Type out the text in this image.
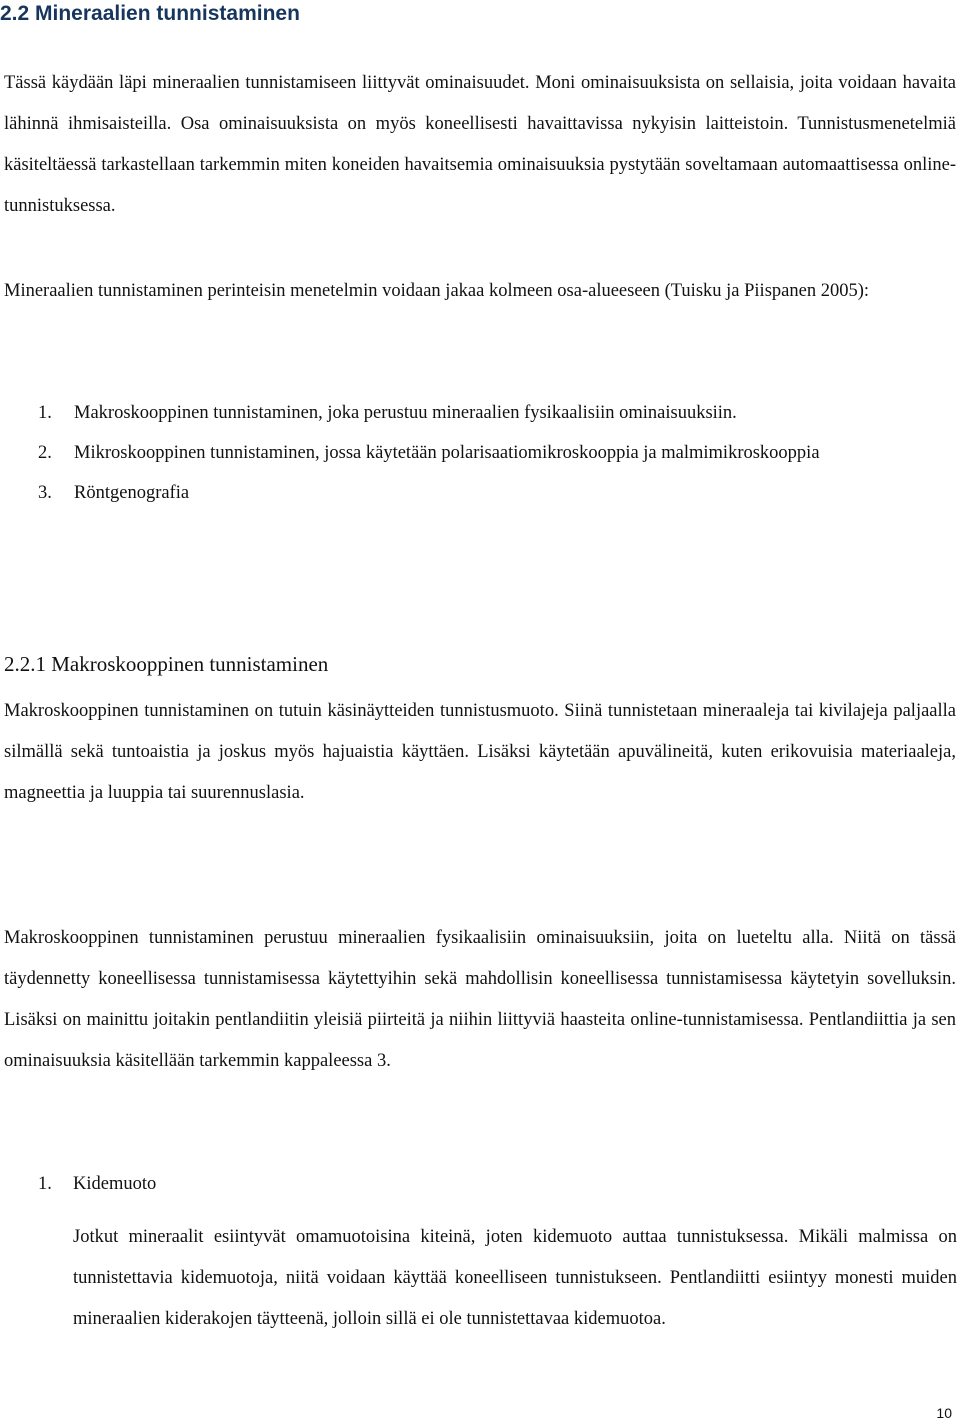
2.2 Mineraalien tunnistaminen

Tässä käydään läpi mineraalien tunnistamiseen liittyvät ominaisuudet. Moni ominaisuuksista on sellaisia, joita voidaan havaita lähinnä ihmisaisteilla. Osa ominaisuuksista on myös koneellisesti havaittavissa nykyisin laitteistoin. Tunnistusmenetelmiä käsiteltäessä tarkastellaan tarkemmin miten koneiden havaitsemia ominaisuuksia pystytään soveltamaan automaattisessa online-tunnistuksessa.

Mineraalien tunnistaminen perinteisin menetelmin voidaan jakaa kolmeen osa-alueeseen (Tuisku ja Piispanen 2005):

1. Makroskooppinen tunnistaminen, joka perustuu mineraalien fysikaalisiin ominaisuuksiin.
2. Mikroskooppinen tunnistaminen, jossa käytetään polarisaatiomikroskooppia ja malmimikroskooppia
3. Röntgenografia
2.2.1 Makroskooppinen tunnistaminen

Makroskooppinen tunnistaminen on tutuin käsinäytteiden tunnistusmuoto. Siinä tunnistetaan mineraaleja tai kivilajeja paljaalla silmällä sekä tuntoaistia ja joskus myös hajuaistia käyttäen. Lisäksi käytetään apuvälineitä, kuten erikovuisia materiaaleja, magneettia ja luuppia tai suurennuslasia.

Makroskooppinen tunnistaminen perustuu mineraalien fysikaalisiin ominaisuuksiin, joita on lueteltu alla. Niitä on tässä täydennetty koneellisessa tunnistamisessa käytettyihin sekä mahdollisin koneellisessa tunnistamisessa käytetyin sovelluksin. Lisäksi on mainittu joitakin pentlandiitin yleisiä piirteitä ja niihin liittyviä haasteita online-tunnistamisessa. Pentlandiittia ja sen ominaisuuksia käsitellään tarkemmin kappaleessa 3.

1. Kidemuoto

Jotkut mineraalit esiintyvät omamuotoisina kiteinä, joten kidemuoto auttaa tunnistuksessa. Mikäli malmissa on tunnistettavia kidemuotoja, niitä voidaan käyttää koneelliseen tunnistukseen. Pentlandiitti esiintyy monesti muiden mineraalien kiderakojen täytteenä, jolloin sillä ei ole tunnistettavaa kidemuotoa.

10
